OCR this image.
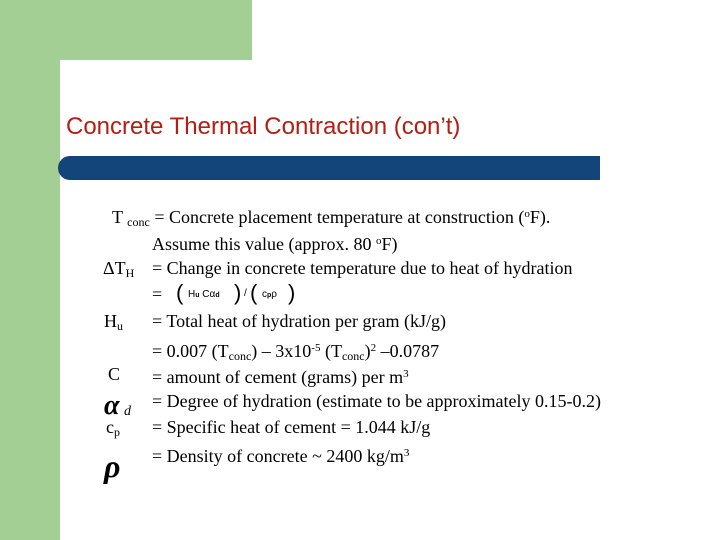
Concrete Thermal Contraction (con’t)
T $_{conc}$ = Concrete placement temperature at construction ($^o$F).
Assume this value (approx. 80 $^o$F)
$\Delta T_H$ = Change in concrete temperature due to heat of hydration
= ( Hu Cαd ) / ( cpρ )
$H_u$ = Total heat of hydration per gram (kJ/g)
= 0.007 $(T_{conc}) - 3x10^{-5}$ $(T_{conc})^2$ –0.0787
C = amount of cement (grams) per $m^3$
α d
= Degree of hydration (estimate to be approximately 0.15-0.2)
$c_p$ = Specific heat of cement = 1.044 kJ/g
ρ = Density of concrete ~ 2400 $kg/m^3$
